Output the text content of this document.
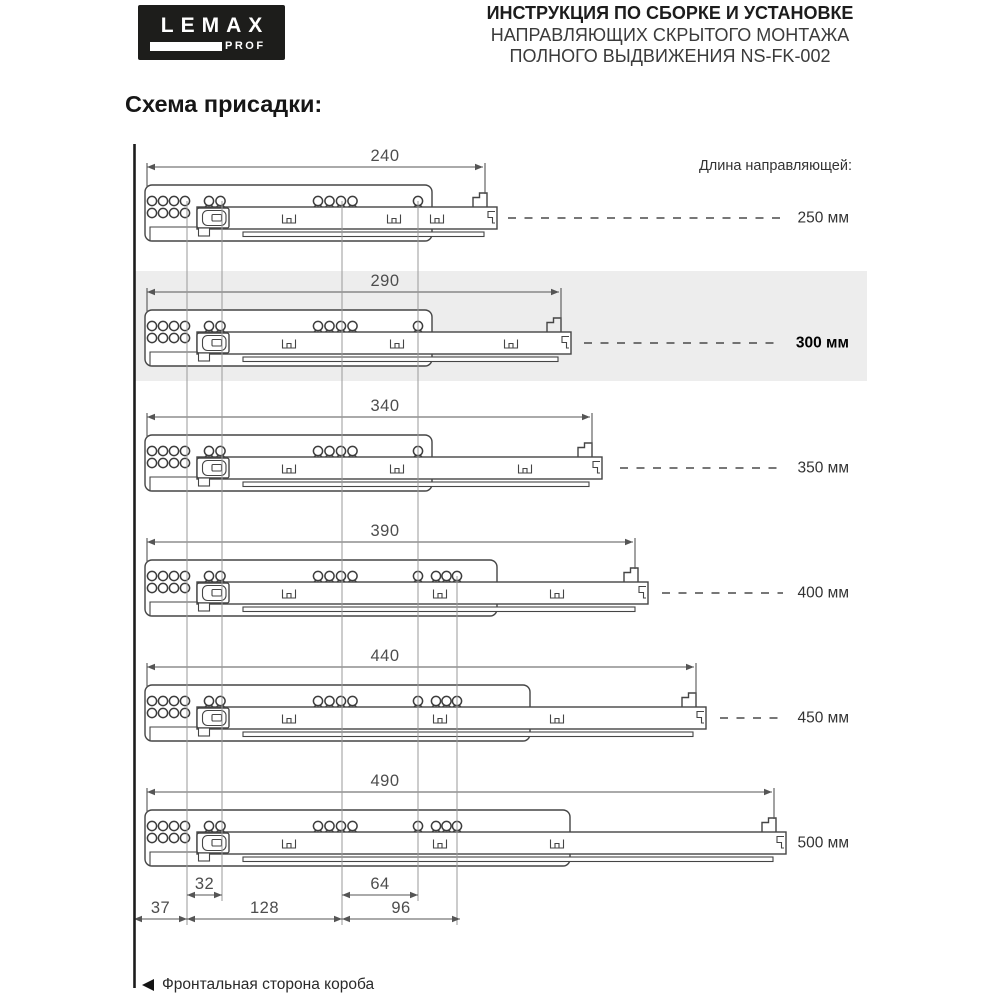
LEMAX
PROF
ИНСТРУКЦИЯ ПО СБОРКЕ И УСТАНОВКЕ
НАПРАВЛЯЮЩИХ СКРЫТОГО МОНТАЖА
ПОЛНОГО ВЫДВИЖЕНИЯ NS-FK-002
Схема присадки:
Длина направляющей:
240
250 мм
290
300 мм
340
350 мм
390
400 мм
440
450 мм
490
500 мм
32	64
37	128	96
Фронтальная сторона короба
